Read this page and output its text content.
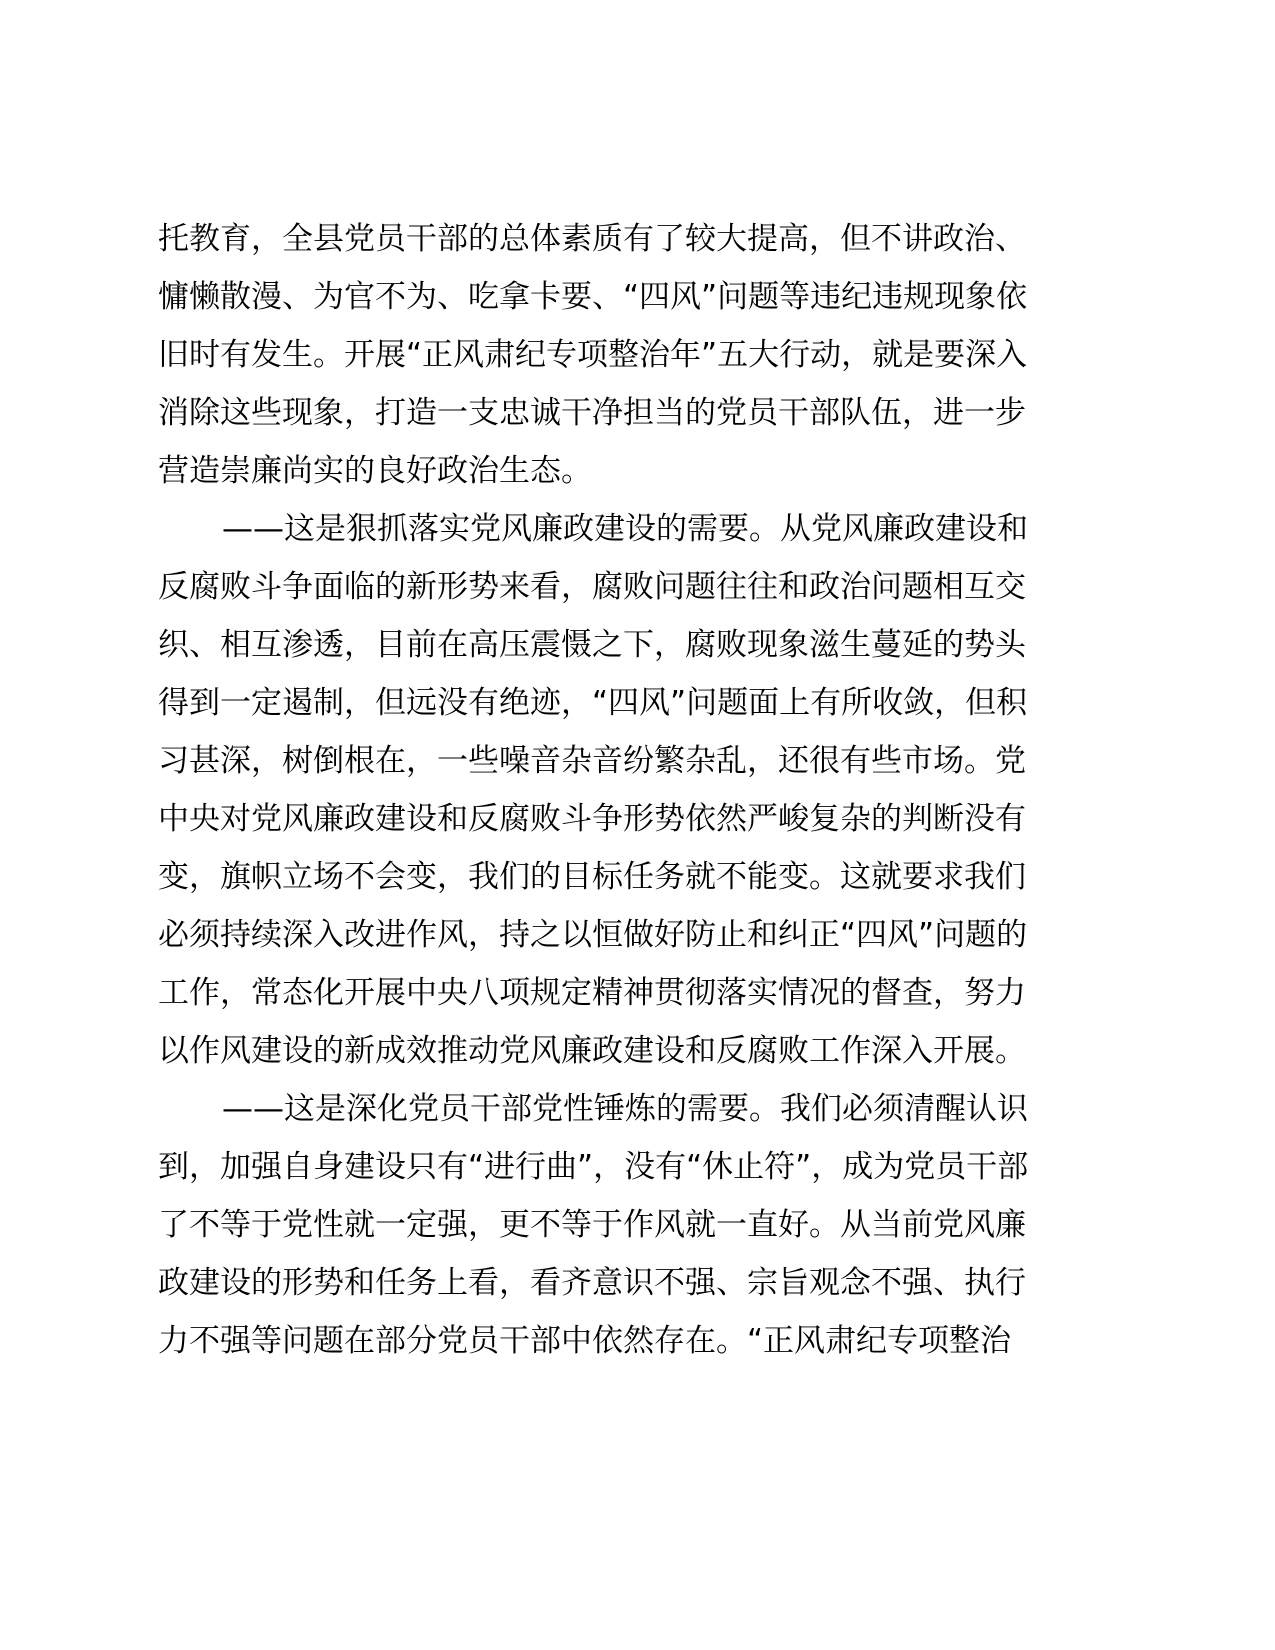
托教育，全县党员干部的总体素质有了较大提高，但不讲政治、
慵懒散漫、为官不为、吃拿卡要、“四风”问题等违纪违规现象依
旧时有发生。开展“正风肃纪专项整治年”五大行动，就是要深入
消除这些现象，打造一支忠诚干净担当的党员干部队伍，进一步
营造崇廉尚实的良好政治生态。
——这是狠抓落实党风廉政建设的需要。从党风廉政建设和
反腐败斗争面临的新形势来看，腐败问题往往和政治问题相互交
织、相互渗透，目前在高压震慑之下，腐败现象滋生蔓延的势头
得到一定遏制，但远没有绝迹，“四风”问题面上有所收敛，但积
习甚深，树倒根在，一些噪音杂音纷繁杂乱，还很有些市场。党
中央对党风廉政建设和反腐败斗争形势依然严峻复杂的判断没有
变，旗帜立场不会变，我们的目标任务就不能变。这就要求我们
必须持续深入改进作风，持之以恒做好防止和纠正“四风”问题的
工作，常态化开展中央八项规定精神贯彻落实情况的督查，努力
以作风建设的新成效推动党风廉政建设和反腐败工作深入开展。
——这是深化党员干部党性锤炼的需要。我们必须清醒认识
到，加强自身建设只有“进行曲”，没有“休止符”，成为党员干部
了不等于党性就一定强，更不等于作风就一直好。从当前党风廉
政建设的形势和任务上看，看齐意识不强、宗旨观念不强、执行
力不强等问题在部分党员干部中依然存在。“正风肃纪专项整治
